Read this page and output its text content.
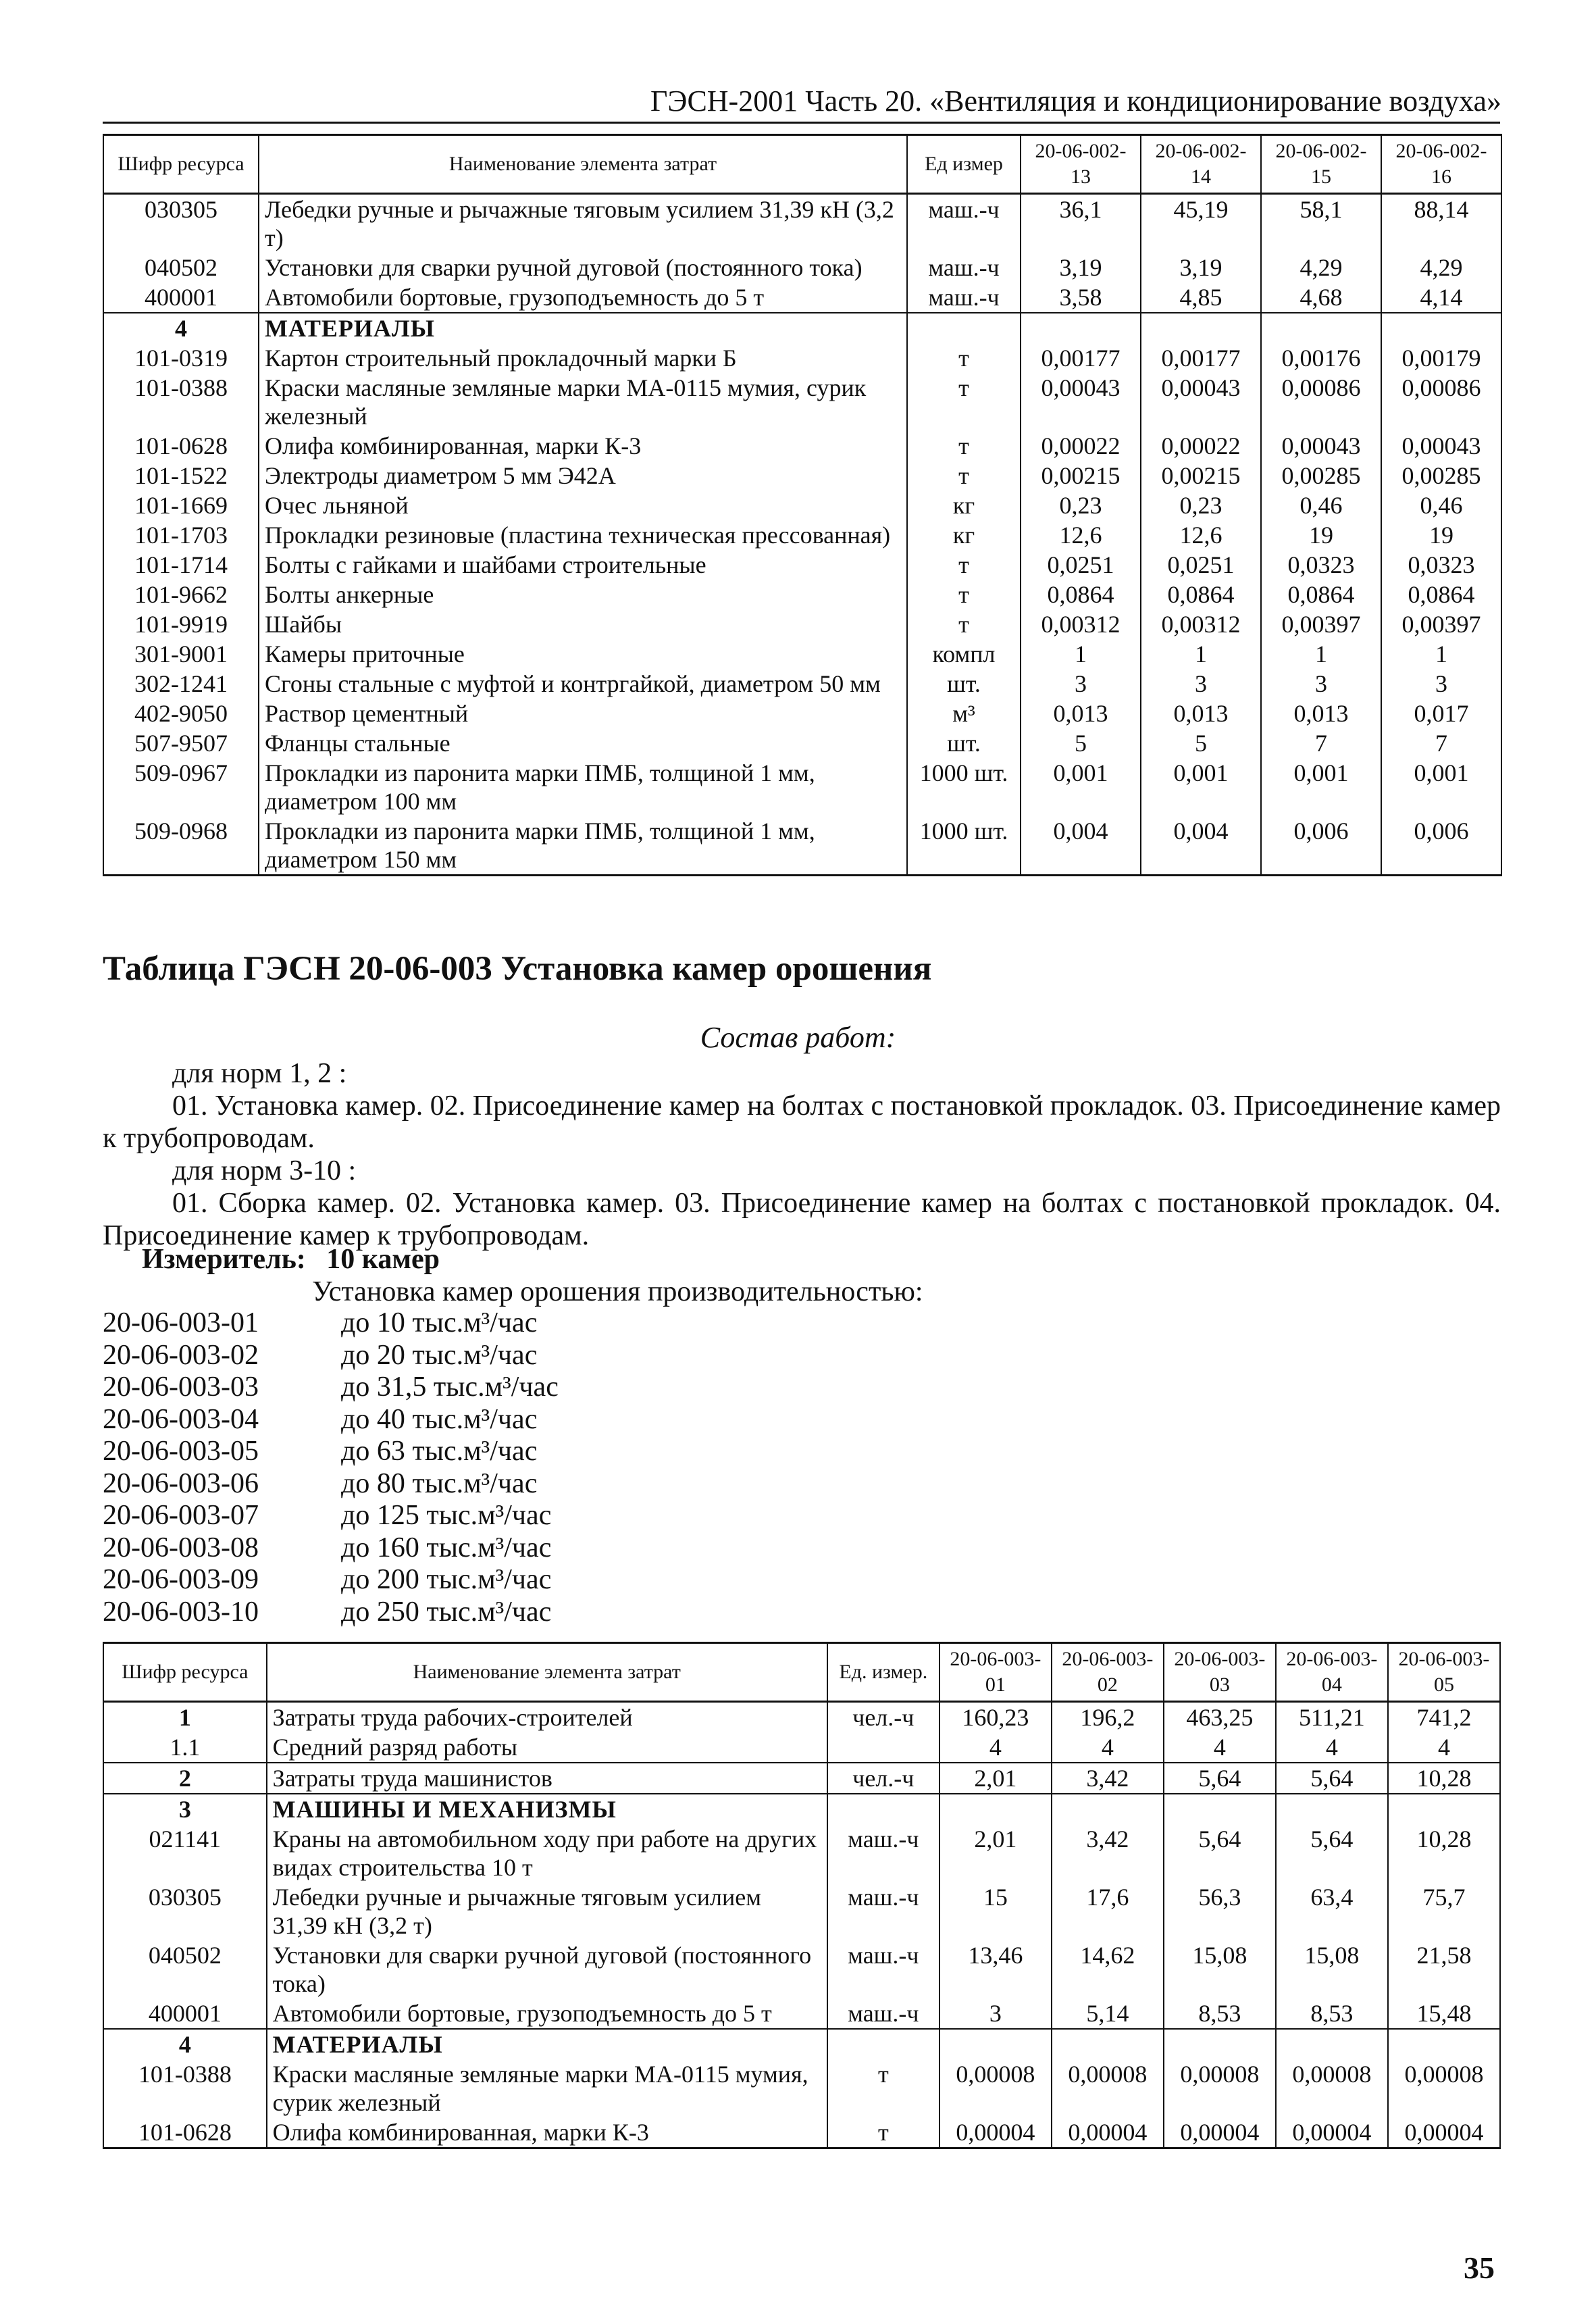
ГЭСН-2001 Часть 20. «Вентиляция и кондиционирование воздуха»
Шифр ресурса	Наименование элемента затрат	Ед измер	20-06-002-13	20-06-002-14	20-06-002-15	20-06-002-16
030305	Лебедки ручные и рычажные тяговым усилием 31,39 кН (3,2 т)	маш.-ч	36,1	45,19	58,1	88,14
040502	Установки для сварки ручной дуговой (постоянного тока)	маш.-ч	3,19	3,19	4,29	4,29
400001	Автомобили бортовые, грузоподъемность до 5 т	маш.-ч	3,58	4,85	4,68	4,14
4	МАТЕРИАЛЫ					
101-0319	Картон строительный прокладочный марки Б	т	0,00177	0,00177	0,00176	0,00179
101-0388	Краски масляные земляные марки МА-0115 мумия, сурик железный	т	0,00043	0,00043	0,00086	0,00086
101-0628	Олифа комбинированная, марки К-3	т	0,00022	0,00022	0,00043	0,00043
101-1522	Электроды диаметром 5 мм Э42А	т	0,00215	0,00215	0,00285	0,00285
101-1669	Очес льняной	кг	0,23	0,23	0,46	0,46
101-1703	Прокладки резиновые (пластина техническая прессованная)	кг	12,6	12,6	19	19
101-1714	Болты с гайками и шайбами строительные	т	0,0251	0,0251	0,0323	0,0323
101-9662	Болты анкерные	т	0,0864	0,0864	0,0864	0,0864
101-9919	Шайбы	т	0,00312	0,00312	0,00397	0,00397
301-9001	Камеры приточные	компл	1	1	1	1
302-1241	Сгоны стальные с муфтой и контргайкой, диаметром 50 мм	шт.	3	3	3	3
402-9050	Раствор цементный	м³	0,013	0,013	0,013	0,017
507-9507	Фланцы стальные	шт.	5	5	7	7
509-0967	Прокладки из паронита марки ПМБ, толщиной 1 мм, диаметром 100 мм	1000 шт.	0,001	0,001	0,001	0,001
509-0968	Прокладки из паронита марки ПМБ, толщиной 1 мм, диаметром 150 мм	1000 шт.	0,004	0,004	0,006	0,006
Таблица ГЭСН 20-06-003 Установка камер орошения
Состав работ:
для норм 1, 2 :
01. Установка камер. 02. Присоединение камер на болтах с постановкой прокладок. 03. Присоединение камер к трубопроводам.
для норм 3-10 :
01. Сборка камер. 02. Установка камер. 03. Присоединение камер на болтах с постановкой прокладок. 04. Присоединение камер к трубопроводам.
Измеритель: 10 камер
Установка камер орошения производительностью:
20-06-003-01	до 10 тыс.м³/час
20-06-003-02	до 20 тыс.м³/час
20-06-003-03	до 31,5 тыс.м³/час
20-06-003-04	до 40 тыс.м³/час
20-06-003-05	до 63 тыс.м³/час
20-06-003-06	до 80 тыс.м³/час
20-06-003-07	до 125 тыс.м³/час
20-06-003-08	до 160 тыс.м³/час
20-06-003-09	до 200 тыс.м³/час
20-06-003-10	до 250 тыс.м³/час
Шифр ресурса	Наименование элемента затрат	Ед. измер.	20-06-003-01	20-06-003-02	20-06-003-03	20-06-003-04	20-06-003-05
1	Затраты труда рабочих-строителей	чел.-ч	160,23	196,2	463,25	511,21	741,2
1.1	Средний разряд работы		4	4	4	4	4
2	Затраты труда машинистов	чел.-ч	2,01	3,42	5,64	5,64	10,28
3	МАШИНЫ И МЕХАНИЗМЫ						
021141	Краны на автомобильном ходу при работе на других видах строительства 10 т	маш.-ч	2,01	3,42	5,64	5,64	10,28
030305	Лебедки ручные и рычажные тяговым усилием 31,39 кН (3,2 т)	маш.-ч	15	17,6	56,3	63,4	75,7
040502	Установки для сварки ручной дуговой (постоянного тока)	маш.-ч	13,46	14,62	15,08	15,08	21,58
400001	Автомобили бортовые, грузоподъемность до 5 т	маш.-ч	3	5,14	8,53	8,53	15,48
4	МАТЕРИАЛЫ						
101-0388	Краски масляные земляные марки МА-0115 мумия, сурик железный	т	0,00008	0,00008	0,00008	0,00008	0,00008
101-0628	Олифа комбинированная, марки К-3	т	0,00004	0,00004	0,00004	0,00004	0,00004
35
